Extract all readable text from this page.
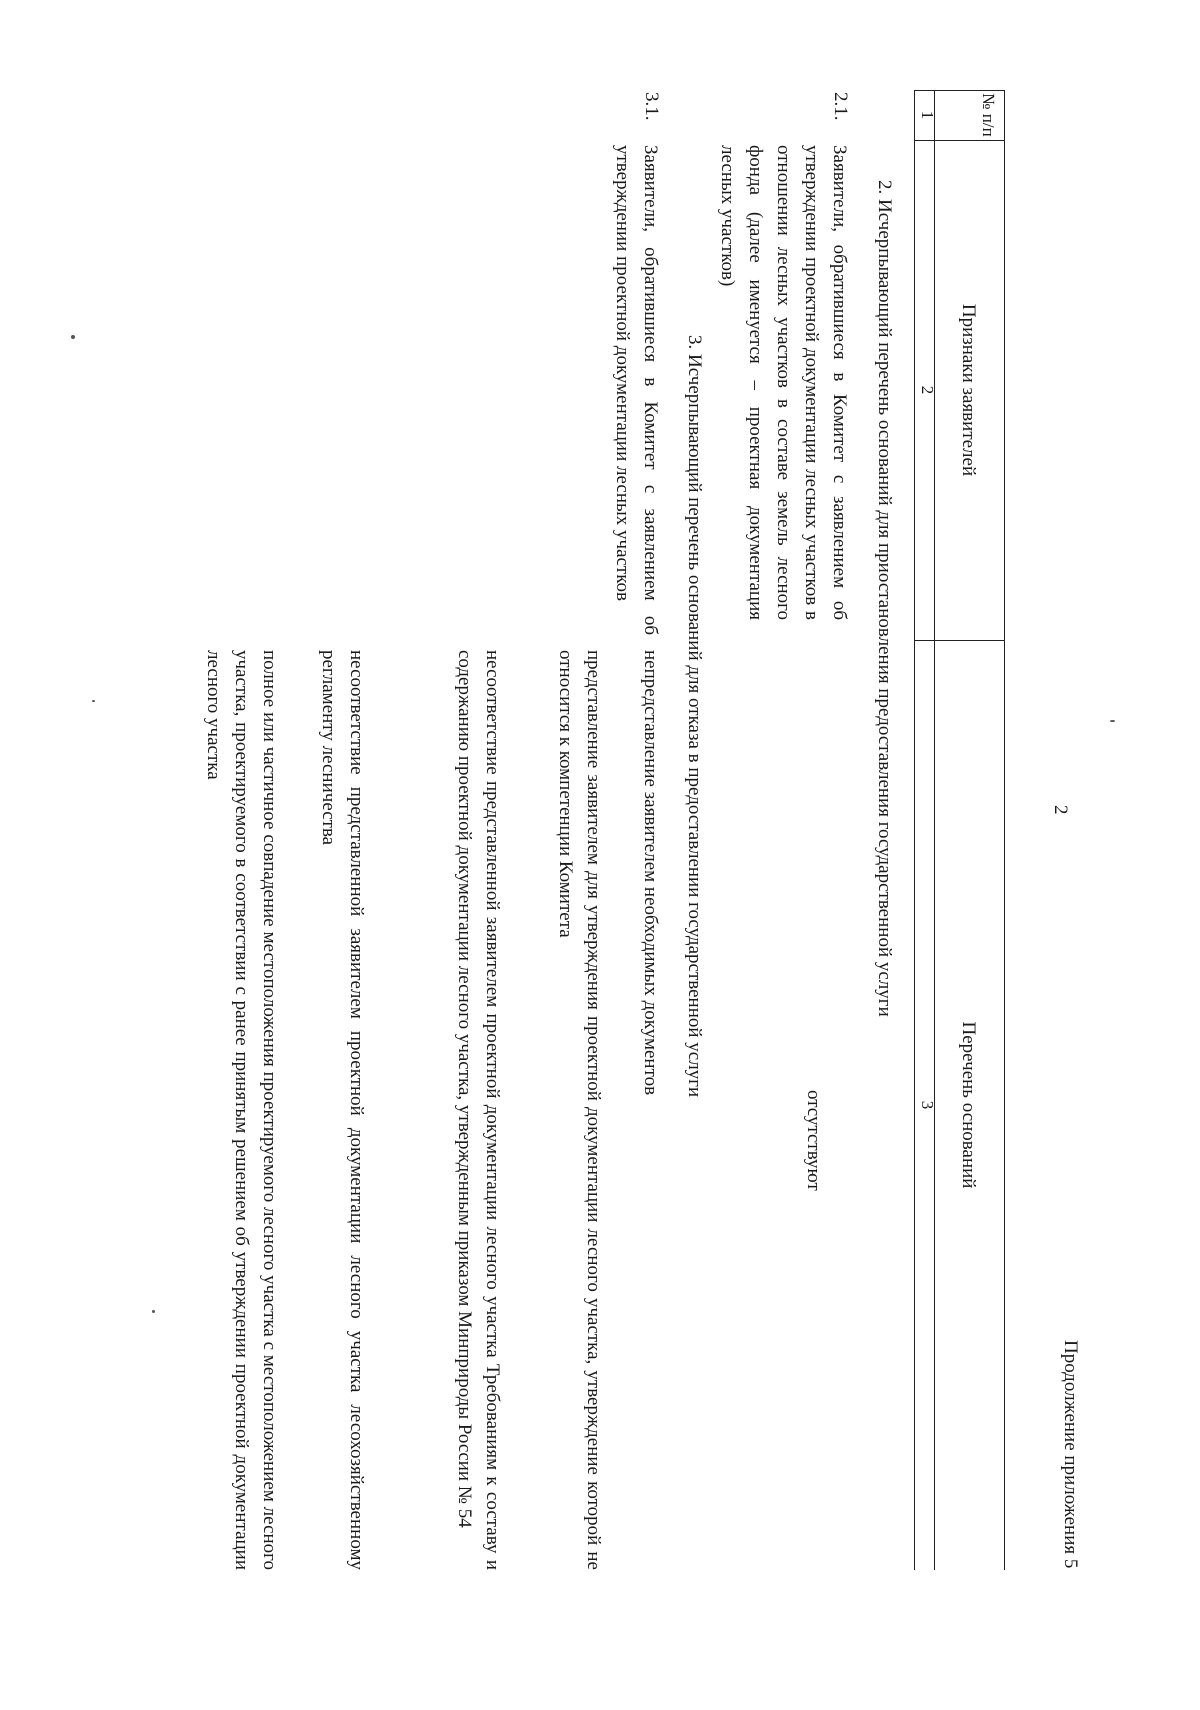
2
Продолжение приложения 5
№ п/п
Признаки заявителей
Перечень оснований
1
2
3
2. Исчерпывающий перечень оснований для приостановления предоставления государственной услуги
2.1.
Заявители, обратившиеся в Комитет с заявлением об утверждении проектной документации лесных участков в отношении лесных участков в составе земель лесного фонда (далее именуется – проектная документация лесных участков)
отсутствуют
3. Исчерпывающий перечень оснований для отказа в предоставлении государственной услуги
3.1.
Заявители, обратившиеся в Комитет с заявлением об утверждении проектной документации лесных участков
непредставление заявителем необходимых документов
представление заявителем для утверждения проектной документации лесного участка, утверждение которой не относится к компетенции Комитета
несоответствие представленной заявителем проектной документации лесного участка Требованиям к составу и содержанию проектной документации лесного участка, утвержденным приказом Минприроды России № 54
несоответствие представленной заявителем проектной документации лесного участка лесохозяйственному регламенту лесничества
полное или частичное совпадение местоположения проектируемого лесного участка с местоположением лесного участка, проектируемого в соответствии с ранее принятым решением об утверждении проектной документации лесного участка
